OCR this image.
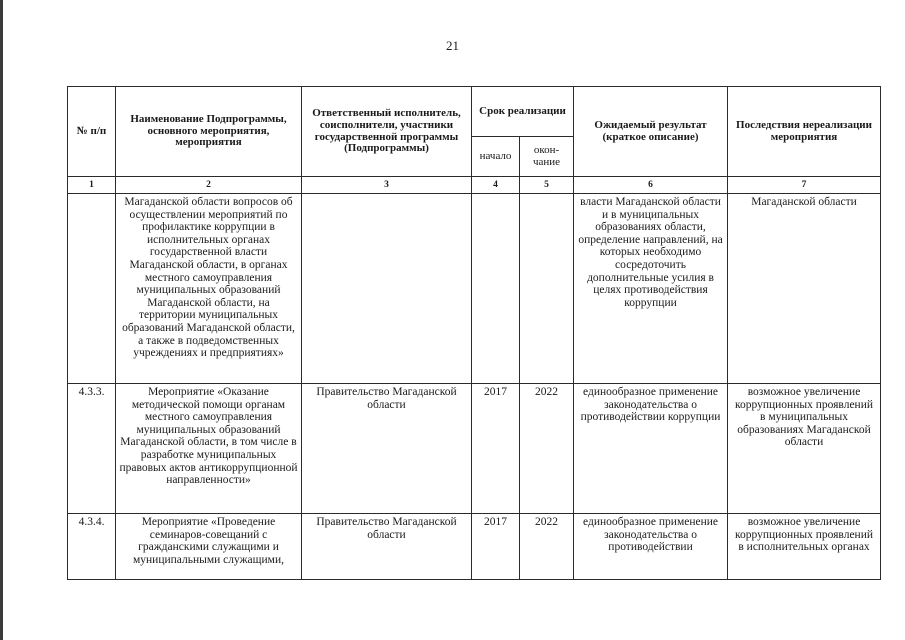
21
№ п/п	Наименование Подпрограммы, основного мероприятия, мероприятия	Ответственный исполнитель, соисполнители, участники государственной программы (Подпрограммы)	Срок реализации		Ожидаемый результат (краткое описание)	Последствия нереализации мероприятия
			начало	окон-чание		
1	2	3	4	5	6	7
	Магаданской области вопросов об осуществлении мероприятий по профилактике коррупции в исполнительных органах государственной власти Магаданской области, в органах местного самоуправления муниципальных образований Магаданской области, на территории муниципальных образований Магаданской области, а также в подведомственных учреждениях и предприятиях»				власти Магаданской области и в муниципальных образованиях области, определение направлений, на которых необходимо сосредоточить дополнительные усилия в целях противодействия коррупции	Магаданской области
4.3.3.	Мероприятие «Оказание методической помощи органам местного самоуправления муниципальных образований Магаданской области, в том числе в разработке муниципальных правовых актов антикоррупционной направленности»	Правительство Магаданской области	2017	2022	единообразное применение законодательства о противодействии коррупции	возможное увеличение коррупционных проявлений в муниципальных образованиях Магаданской области
4.3.4.	Мероприятие «Проведение семинаров-совещаний с гражданскими служащими и муниципальными служащими,	Правительство Магаданской области	2017	2022	единообразное применение законодательства о противодействии	возможное увеличение коррупционных проявлений в исполнительных органах
